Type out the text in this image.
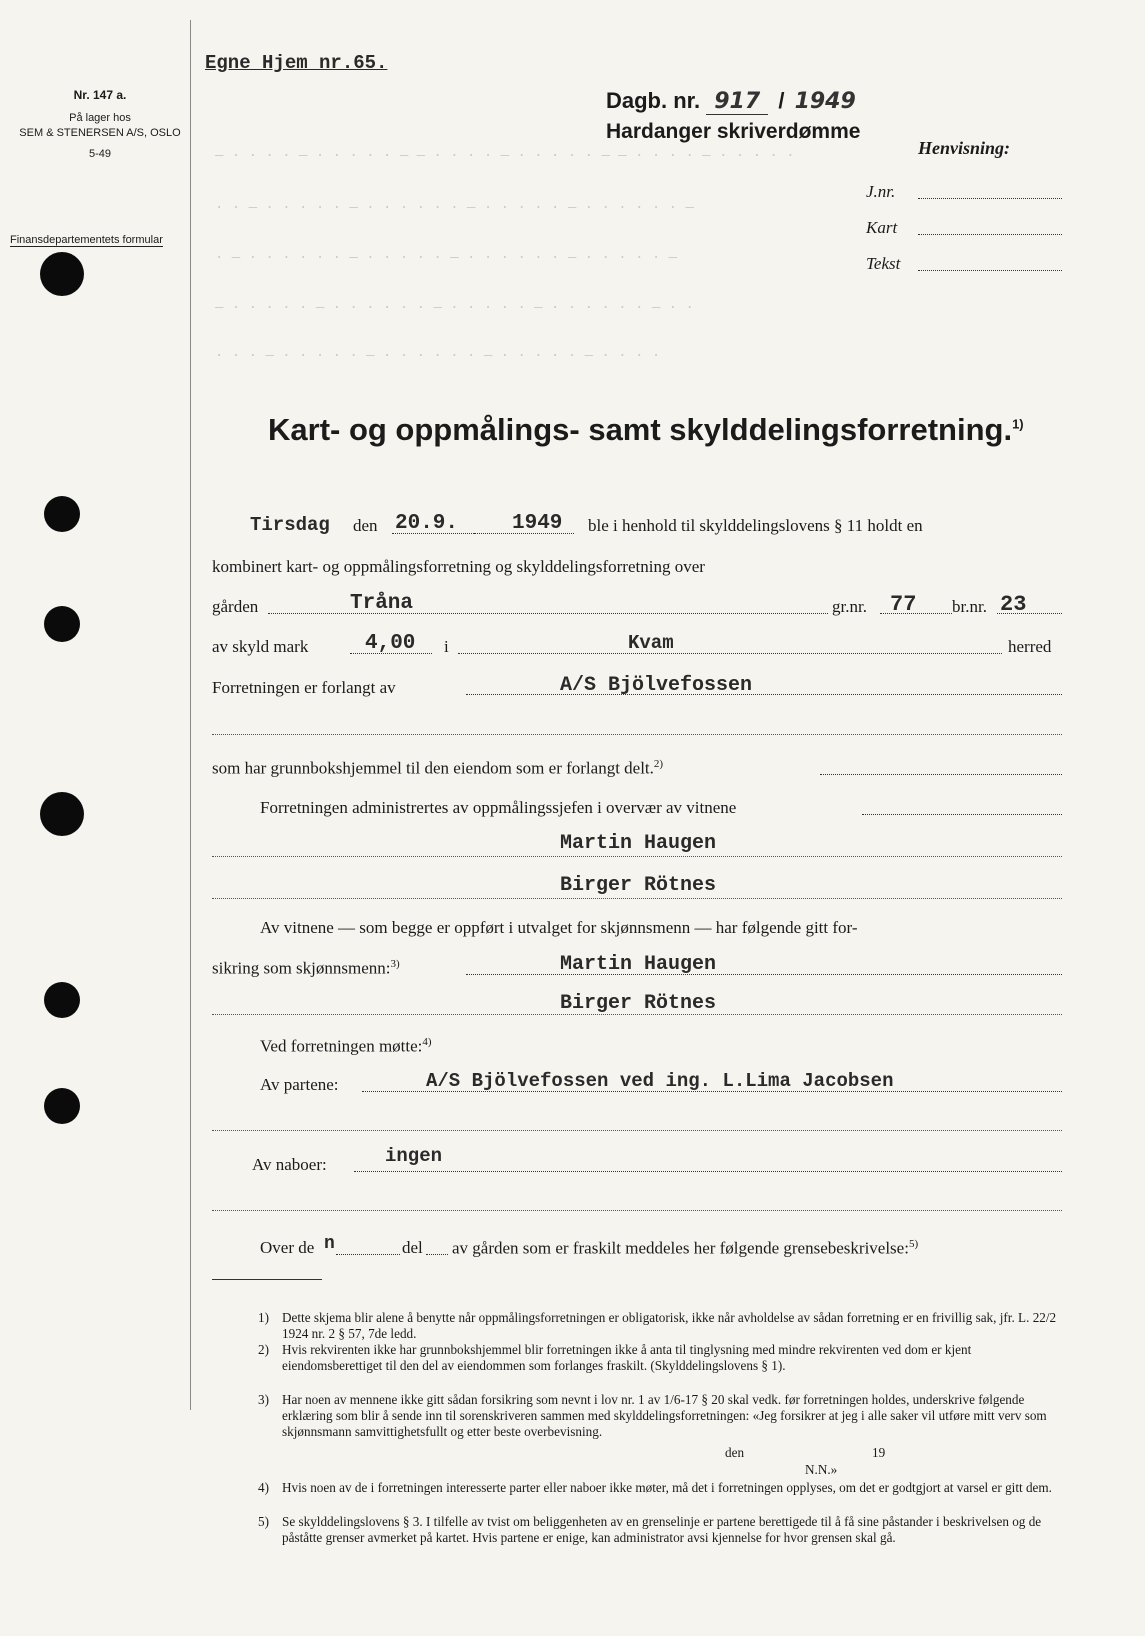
Nr. 147 a.
På lager hos
SEM & STENERSEN A/S, OSLO
5-49
Finansdepartementets formular
— · · · · — · · · · · — — · · · · — · · · · · — — · · · · — · · · · ·
· · — · · · · · — · · · · · · — · · · · · — · · · · · · —
· — · · · · · · — · · · · · — · · · · · · — · · · · · —
— · · · · · — · · · · · · — · · · · · — · · · · · · — · ·
· · · — · · · · · — · · · · · · — · · · · · — · · · ·
Egne Hjem nr.65.
Dagb. nr. 917 / 1949
Hardanger skriverdømme
Henvisning:
J.nr.
Kart
Tekst
Kart- og oppmålings- samt skylddelingsforretning.$^{1)}$
Tirsdag den 20.9.	1949 ble i henhold til skylddelingslovens § 11 holdt en
kombinert kart- og oppmålingsforretning og skylddelingsforretning over
gården	Tråna	gr.nr. 77 br.nr. 23
av skyld mark	4,00 i	Kvam	herred
Forretningen er forlangt av	A/S Bjölvefossen
som har grunnbokshjemmel til den eiendom som er forlangt delt.$^{2)}$
Forretningen administrertes av oppmålingssjefen i overvær av vitnene
Martin Haugen
Birger Rötnes
Av vitnene — som begge er oppført i utvalget for skjønnsmenn — har følgende gitt for-
sikring som skjønnsmenn:$^{3)}$	Martin Haugen
Birger Rötnes
Ved forretningen møtte:$^{4)}$
Av partene:	A/S Bjölvefossen ved ing. L.Lima Jacobsen
Av naboer:	ingen
Over de n	del av gården som er fraskilt meddeles her følgende grensebeskrivelse:$^{5)}$
1) Dette skjema blir alene å benytte når oppmålingsforretningen er obligatorisk, ikke når avholdelse av sådan forretning er en frivillig sak, jfr. L. 22/2 1924 nr. 2 § 57, 7de ledd.
2) Hvis rekvirenten ikke har grunnbokshjemmel blir forretningen ikke å anta til tinglysning med mindre rekvirenten ved dom er kjent eiendomsberettiget til den del av eiendommen som forlanges fraskilt. (Skylddelingslovens § 1).
3) Har noen av mennene ikke gitt sådan forsikring som nevnt i lov nr. 1 av 1/6-17 § 20 skal vedk. før forretningen holdes, underskrive følgende erklæring som blir å sende inn til sorenskriveren sammen med skylddelingsforretningen: «Jeg forsikrer at jeg i alle saker vil utføre mitt verv som skjønnsmann samvittighetsfullt og etter beste overbevisning.
den	19
N.N.»
4) Hvis noen av de i forretningen interesserte parter eller naboer ikke møter, må det i forretningen opplyses, om det er godtgjort at varsel er gitt dem.
5) Se skylddelingslovens § 3. I tilfelle av tvist om beliggenheten av en grenselinje er partene berettigede til å få sine påstander i beskrivelsen og de påståtte grenser avmerket på kartet. Hvis partene er enige, kan administrator avsi kjennelse for hvor grensen skal gå.
